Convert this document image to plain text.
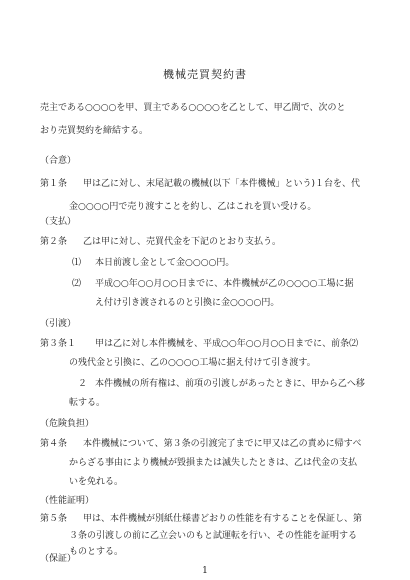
機械売買契約書
1
売主である○○○○を甲、買主である○○○○を乙として、甲乙間で、次のと
おり売買契約を締結する。
（合意）
第１条 甲は乙に対し、末尾記載の機械(以下「本件機械」という)１台を、代
金○○○○円で売り渡すことを約し、乙はこれを買い受ける。
（支払）
第２条 乙は甲に対し、売買代金を下記のとおり支払う。
⑴ 本日前渡し金として金○○○○円。
⑵ 平成○○年○○月○○日までに、本件機械が乙の○○○○工場に据
え付け引き渡されるのと引換に金○○○○円。
（引渡）
第３条１ 甲は乙に対し本件機械を、平成○○年○○月○○日までに、前条⑵
の残代金と引換に、乙の○○○○工場に据え付けて引き渡す。
２ 本件機械の所有権は、前項の引渡しがあったときに、甲から乙へ移
転する。
（危険負担）
第４条 本件機械について、第３条の引渡完了までに甲又は乙の責めに帰すべ
からざる事由により機械が毀損または滅失したときは、乙は代金の支払
いを免れる。
（性能証明）
第５条 甲は、本件機械が別紙仕様書どおりの性能を有することを保証し、第
３条の引渡しの前に乙立会いのもと試運転を行い、その性能を証明する
ものとする。
（保証）
